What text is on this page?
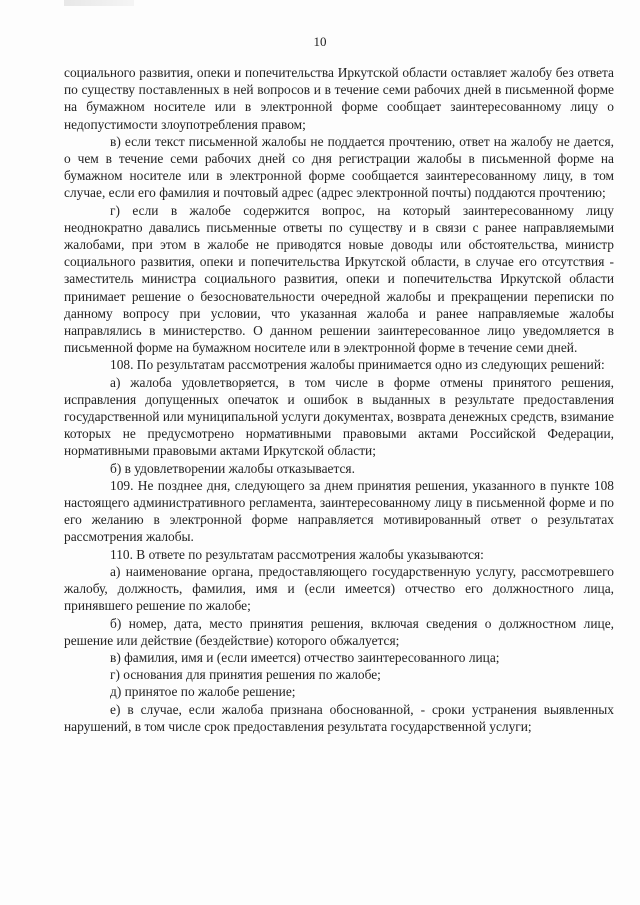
10

социального развития, опеки и попечительства Иркутской области оставляет жалобу без ответа по существу поставленных в ней вопросов и в течение семи рабочих дней в письменной форме на бумажном носителе или в электронной форме сообщает заинтересованному лицу о недопустимости злоупотребления правом;

в) если текст письменной жалобы не поддается прочтению, ответ на жалобу не дается, о чем в течение семи рабочих дней со дня регистрации жалобы в письменной форме на бумажном носителе или в электронной форме сообщается заинтересованному лицу, в том случае, если его фамилия и почтовый адрес (адрес электронной почты) поддаются прочтению;

г) если в жалобе содержится вопрос, на который заинтересованному лицу неоднократно давались письменные ответы по существу и в связи с ранее направляемыми жалобами, при этом в жалобе не приводятся новые доводы или обстоятельства, министр социального развития, опеки и попечительства Иркутской области, в случае его отсутствия - заместитель министра социального развития, опеки и попечительства Иркутской области принимает решение о безосновательности очередной жалобы и прекращении переписки по данному вопросу при условии, что указанная жалоба и ранее направляемые жалобы направлялись в министерство. О данном решении заинтересованное лицо уведомляется в письменной форме на бумажном носителе или в электронной форме в течение семи дней.

108. По результатам рассмотрения жалобы принимается одно из следующих решений:

а) жалоба удовлетворяется, в том числе в форме отмены принятого решения, исправления допущенных опечаток и ошибок в выданных в результате предоставления государственной или муниципальной услуги документах, возврата денежных средств, взимание которых не предусмотрено нормативными правовыми актами Российской Федерации, нормативными правовыми актами Иркутской области;

б) в удовлетворении жалобы отказывается.

109. Не позднее дня, следующего за днем принятия решения, указанного в пункте 108 настоящего административного регламента, заинтересованному лицу в письменной форме и по его желанию в электронной форме направляется мотивированный ответ о результатах рассмотрения жалобы.

110. В ответе по результатам рассмотрения жалобы указываются:

а) наименование органа, предоставляющего государственную услугу, рассмотревшего жалобу, должность, фамилия, имя и (если имеется) отчество его должностного лица, принявшего решение по жалобе;

б) номер, дата, место принятия решения, включая сведения о должностном лице, решение или действие (бездействие) которого обжалуется;

в) фамилия, имя и (если имеется) отчество заинтересованного лица;

г) основания для принятия решения по жалобе;

д) принятое по жалобе решение;

е) в случае, если жалоба признана обоснованной, - сроки устранения выявленных нарушений, в том числе срок предоставления результата государственной услуги;
